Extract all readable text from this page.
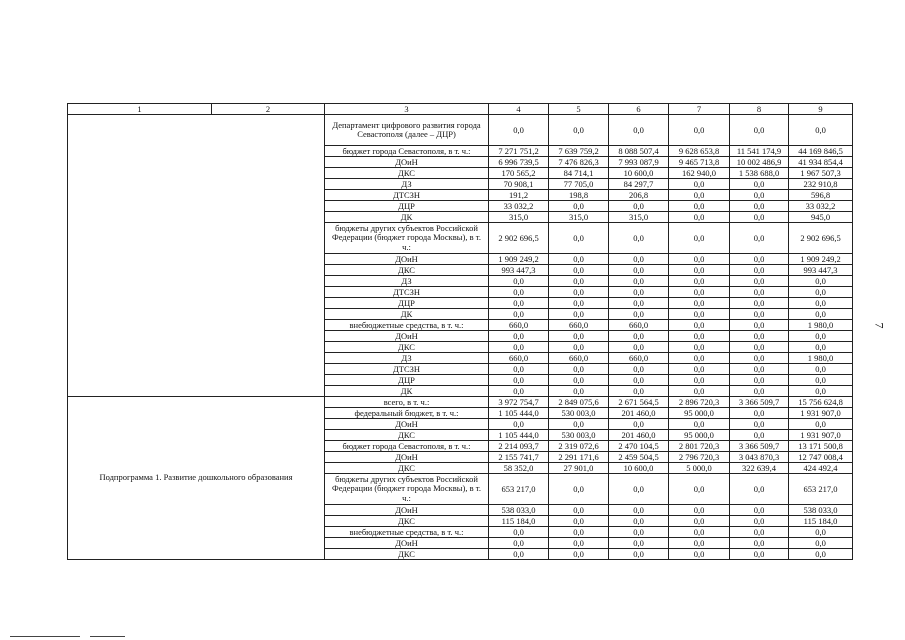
1	2	3	4	5	6	7	8	9
		Департамент цифрового развития города Севастополя (далее – ДЦР)	0,0	0,0	0,0	0,0	0,0	0,0
		бюджет города Севастополя, в т. ч.:	7 271 751,2	7 639 759,2	8 088 507,4	9 628 653,8	11 541 174,9	44 169 846,5
		ДОиН	6 996 739,5	7 476 826,3	7 993 087,9	9 465 713,8	10 002 486,9	41 934 854,4
		ДКС	170 565,2	84 714,1	10 600,0	162 940,0	1 538 688,0	1 967 507,3
		ДЗ	70 908,1	77 705,0	84 297,7	0,0	0,0	232 910,8
		ДТСЗН	191,2	198,8	206,8	0,0	0,0	596,8
		ДЦР	33 032,2	0,0	0,0	0,0	0,0	33 032,2
		ДК	315,0	315,0	315,0	0,0	0,0	945,0
		бюджеты других субъектов Российской Федерации (бюджет города Москвы), в т. ч.:	2 902 696,5	0,0	0,0	0,0	0,0	2 902 696,5
		ДОиН	1 909 249,2	0,0	0,0	0,0	0,0	1 909 249,2
		ДКС	993 447,3	0,0	0,0	0,0	0,0	993 447,3
		ДЗ	0,0	0,0	0,0	0,0	0,0	0,0
		ДТСЗН	0,0	0,0	0,0	0,0	0,0	0,0
		ДЦР	0,0	0,0	0,0	0,0	0,0	0,0
		ДК	0,0	0,0	0,0	0,0	0,0	0,0
		внебюджетные средства, в т. ч.:	660,0	660,0	660,0	0,0	0,0	1 980,0
		ДОиН	0,0	0,0	0,0	0,0	0,0	0,0
		ДКС	0,0	0,0	0,0	0,0	0,0	0,0
		ДЗ	660,0	660,0	660,0	0,0	0,0	1 980,0
		ДТСЗН	0,0	0,0	0,0	0,0	0,0	0,0
		ДЦР	0,0	0,0	0,0	0,0	0,0	0,0
		ДК	0,0	0,0	0,0	0,0	0,0	0,0
Подпрограмма 1. Развитие дошкольного образования		всего, в т. ч.:	3 972 754,7	2 849 075,6	2 671 564,5	2 896 720,3	3 366 509,7	15 756 624,8
		федеральный бюджет, в т. ч.:	1 105 444,0	530 003,0	201 460,0	95 000,0	0,0	1 931 907,0
		ДОиН	0,0	0,0	0,0	0,0	0,0	0,0
		ДКС	1 105 444,0	530 003,0	201 460,0	95 000,0	0,0	1 931 907,0
		бюджет города Севастополя, в т. ч.:	2 214 093,7	2 319 072,6	2 470 104,5	2 801 720,3	3 366 509,7	13 171 500,8
		ДОиН	2 155 741,7	2 291 171,6	2 459 504,5	2 796 720,3	3 043 870,3	12 747 008,4
		ДКС	58 352,0	27 901,0	10 600,0	5 000,0	322 639,4	424 492,4
		бюджеты других субъектов Российской Федерации (бюджет города Москвы), в т. ч.:	653 217,0	0,0	0,0	0,0	0,0	653 217,0
		ДОиН	538 033,0	0,0	0,0	0,0	0,0	538 033,0
		ДКС	115 184,0	0,0	0,0	0,0	0,0	115 184,0
		внебюджетные средства, в т. ч.:	0,0	0,0	0,0	0,0	0,0	0,0
		ДОиН	0,0	0,0	0,0	0,0	0,0	0,0
		ДКС	0,0	0,0	0,0	0,0	0,0	0,0
7
